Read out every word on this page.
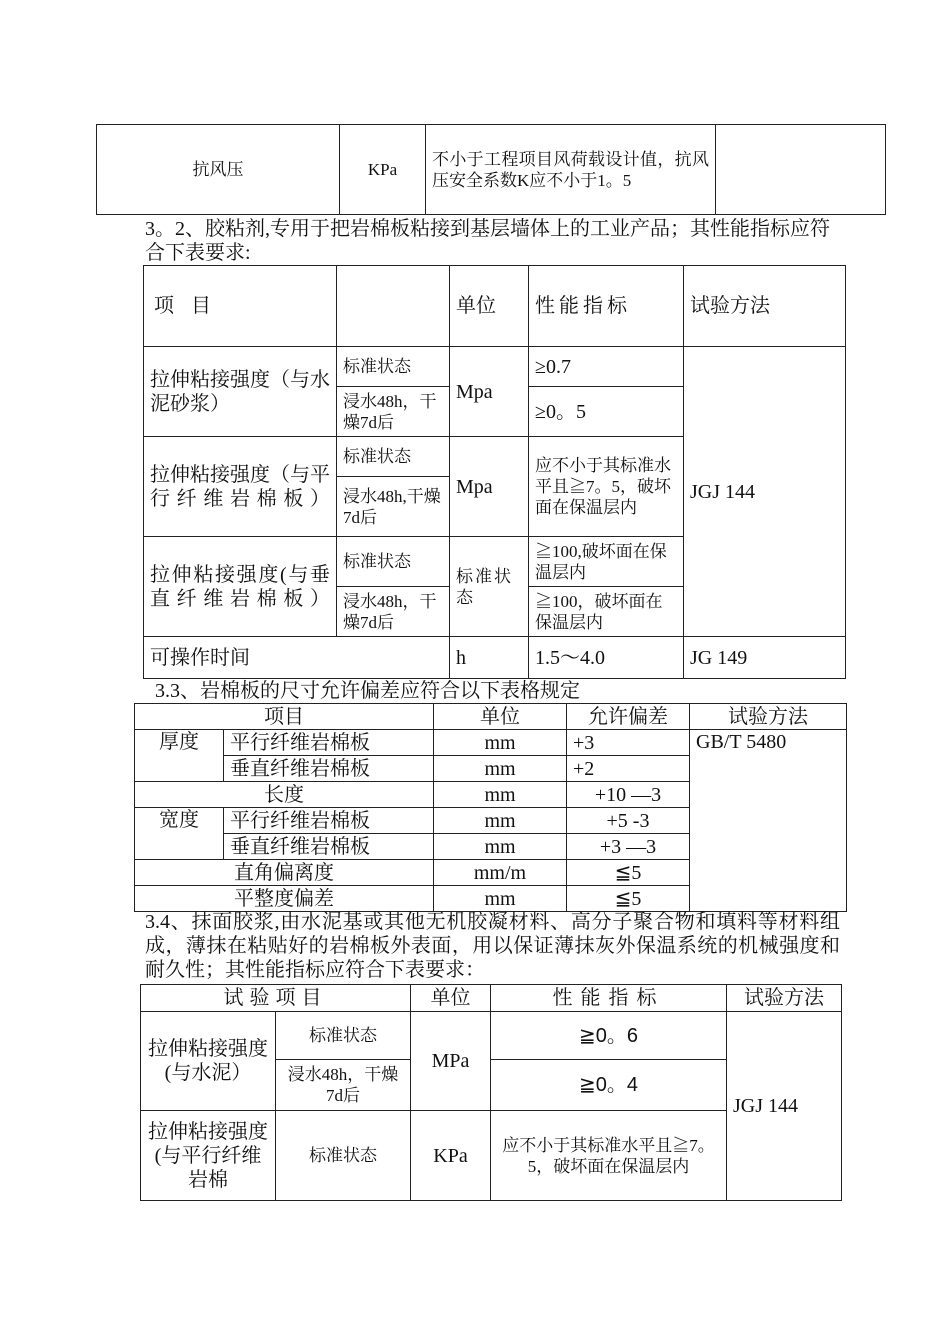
抗风压	KPa	不小于工程项目风荷载设计值，抗风压安全系数K应不小于1。5	

3。2、胶粘剂,专用于把岩棉板粘接到基层墙体上的工业产品；其性能指标应符合下表要求:

项 目		单位	性能指标	试验方法
拉伸粘接强度（与水泥砂浆）	标准状态	Mpa	≥0.7	JGJ 144
	浸水48h，干燥7d后		≥0。5	
拉伸粘接强度（与平行纤维岩棉板）	标准状态	Mpa	应不小于其标准水平且≧7。5，破坏面在保温层内	
	浸水48h,干燥7d后			
拉伸粘接强度(与垂直纤维岩棉板）	标准状态	标准状态	≧100,破坏面在保温层内	
	浸水48h，干燥7d后		≧100，破坏面在保温层内	
可操作时间		h	1.5～4.0	JG 149

3.3、岩棉板的尺寸允许偏差应符合以下表格规定

项目		单位	允许偏差	试验方法
厚度	平行纤维岩棉板	mm	+3	GB/T 5480
	垂直纤维岩棉板	mm	+2	
长度		mm	+10 —3	
宽度	平行纤维岩棉板	mm	+5 -3	
	垂直纤维岩棉板	mm	+3 —3	
直角偏离度		mm/m	≦5	
平整度偏差		mm	≦5	

3.4、抹面胶浆,由水泥基或其他无机胶凝材料、高分子聚合物和填料等材料组成，薄抹在粘贴好的岩棉板外表面，用以保证薄抹灰外保温系统的机械强度和耐久性；其性能指标应符合下表要求：

试验项目		单位	性能指标	试验方法
拉伸粘接强度(与水泥）	标准状态	MPa	≧0。6	JGJ 144
	浸水48h，干燥7d后		≧0。4	
拉伸粘接强度(与平行纤维岩棉	标准状态	KPa	应不小于其标准水平且≧7。5，破坏面在保温层内	
